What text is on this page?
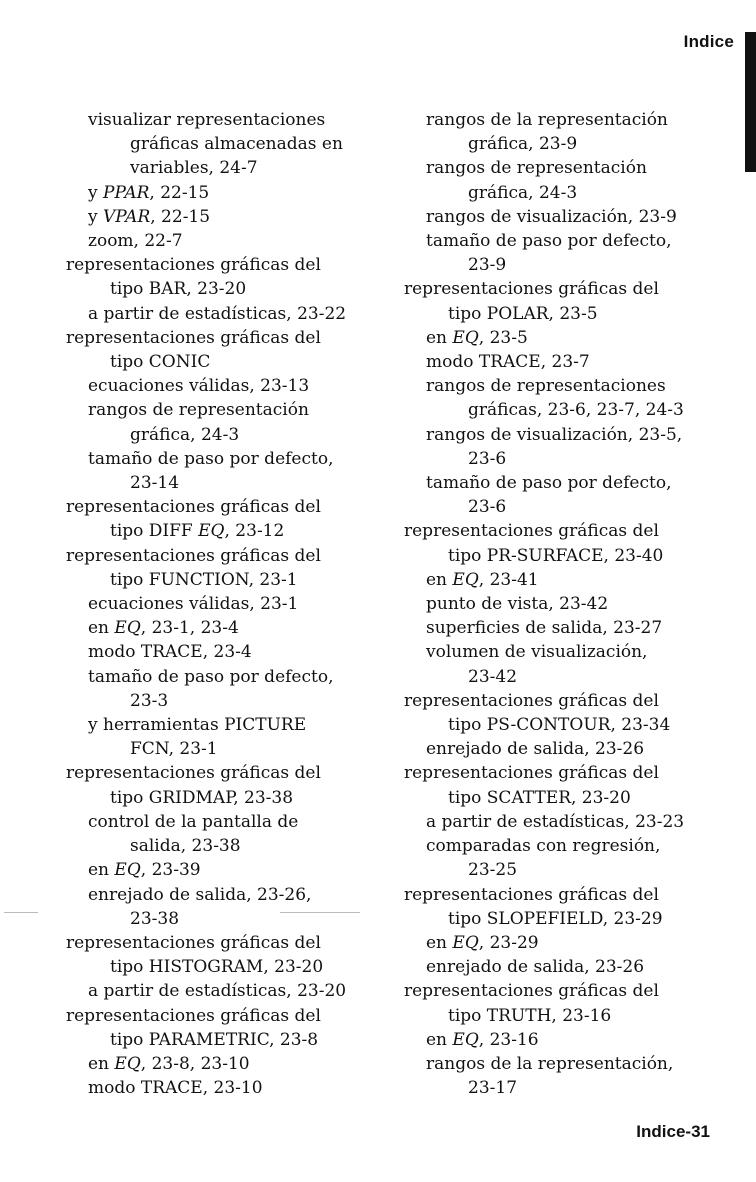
Indice
visualizar representaciones
gráficas almacenadas en
variables, 24-7
y PPAR, 22-15
y VPAR, 22-15
zoom, 22-7
representaciones gráficas del
tipo BAR, 23-20
a partir de estadísticas, 23-22
representaciones gráficas del
tipo CONIC
ecuaciones válidas, 23-13
rangos de representación
gráfica, 24-3
tamaño de paso por defecto,
23-14
representaciones gráficas del
tipo DIFF EQ, 23-12
representaciones gráficas del
tipo FUNCTION, 23-1
ecuaciones válidas, 23-1
en EQ, 23-1, 23-4
modo TRACE, 23-4
tamaño de paso por defecto,
23-3
y herramientas PICTURE
FCN, 23-1
representaciones gráficas del
tipo GRIDMAP, 23-38
control de la pantalla de
salida, 23-38
en EQ, 23-39
enrejado de salida, 23-26,
23-38
representaciones gráficas del
tipo HISTOGRAM, 23-20
a partir de estadísticas, 23-20
representaciones gráficas del
tipo PARAMETRIC, 23-8
en EQ, 23-8, 23-10
modo TRACE, 23-10
rangos de la representación
gráfica, 23-9
rangos de representación
gráfica, 24-3
rangos de visualización, 23-9
tamaño de paso por defecto,
23-9
representaciones gráficas del
tipo POLAR, 23-5
en EQ, 23-5
modo TRACE, 23-7
rangos de representaciones
gráficas, 23-6, 23-7, 24-3
rangos de visualización, 23-5,
23-6
tamaño de paso por defecto,
23-6
representaciones gráficas del
tipo PR-SURFACE, 23-40
en EQ, 23-41
punto de vista, 23-42
superficies de salida, 23-27
volumen de visualización,
23-42
representaciones gráficas del
tipo PS-CONTOUR, 23-34
enrejado de salida, 23-26
representaciones gráficas del
tipo SCATTER, 23-20
a partir de estadísticas, 23-23
comparadas con regresión,
23-25
representaciones gráficas del
tipo SLOPEFIELD, 23-29
en EQ, 23-29
enrejado de salida, 23-26
representaciones gráficas del
tipo TRUTH, 23-16
en EQ, 23-16
rangos de la representación,
23-17
Indice-31
